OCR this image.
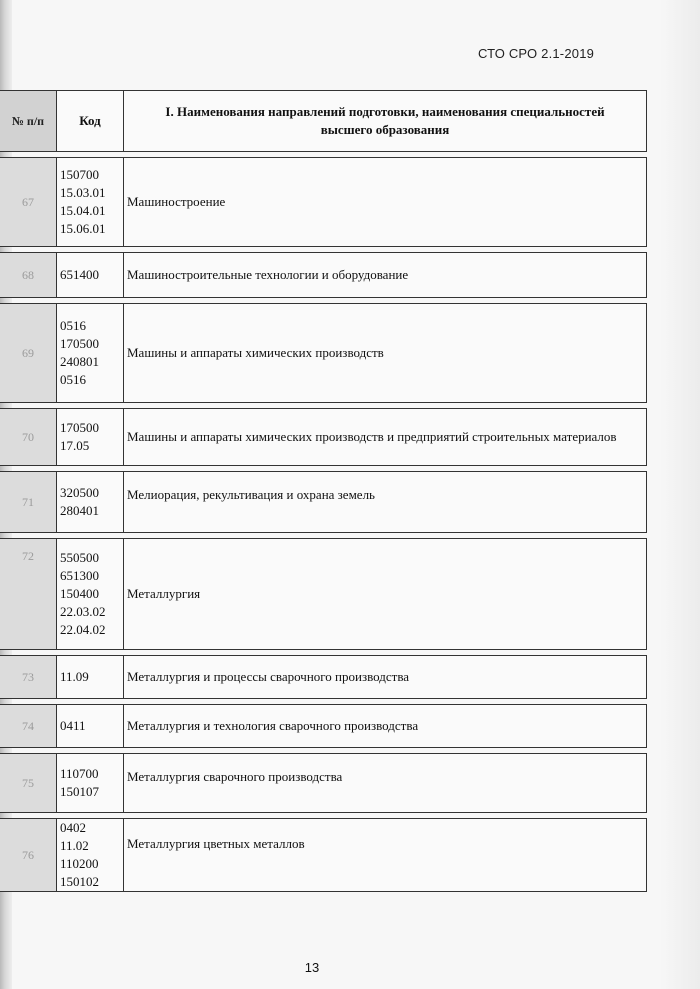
СТО СРО 2.1-2019
№ п/п	Код	I. Наименования направлений подготовки, наименования специальностей высшего образования
67	150700
15.03.01
15.04.01
15.06.01	Машиностроение
68	651400	Машиностроительные технологии и оборудование
69	0516
170500
240801
0516	Машины и аппараты химических производств
70	170500
17.05	Машины и аппараты химических производств и предприятий строительных материалов
71	320500
280401	Мелиорация, рекультивация и охрана земель
72	550500
651300
150400
22.03.02
22.04.02	Металлургия
73	11.09	Металлургия и процессы сварочного производства
74	0411	Металлургия и технология сварочного производства
75	110700
150107	Металлургия сварочного производства
76	0402
11.02
110200
150102	Металлургия цветных металлов
13
